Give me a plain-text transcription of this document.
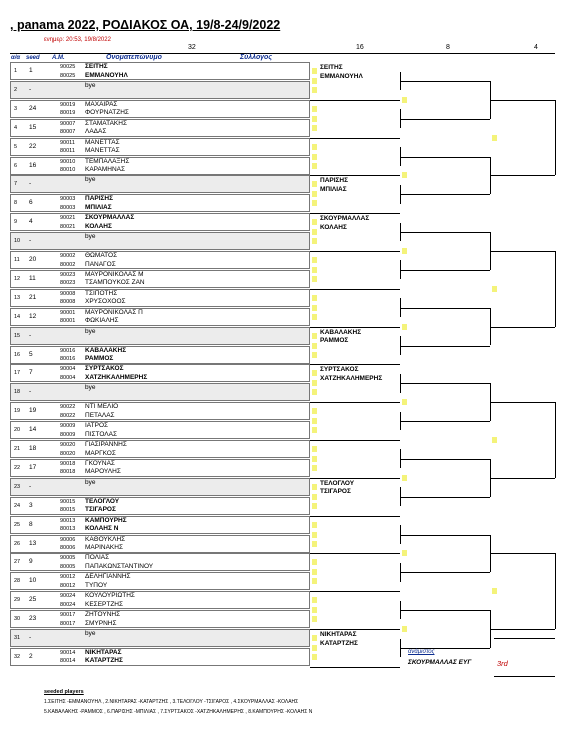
, panama 2022, ΡΟΔΙΑΚΟΣ ΟΑ, 19/8-24/9/2022
ενημερ: 20:53, 19/8/2022
32	16	8	4
α/α seed Α.Μ.	Ονοματεπώνυμο	Σύλλογος
1 1	90025
80025
ΣΕΙΤΗΣ
ΕΜΜΑΝΟΥΗΛ
2 -
bye
3 24	90019
80019
ΜΑΧΑΙΡΑΣ
ΦΟΥΡΝΑΤΖΗΣ
4 15	90007
80007
ΣΤΑΜΑΤΑΚΗΣ
ΛΑΔΑΣ
5 22	90011
80011
ΜΑΝΕΤΤΑΣ
ΜΑΝΕΤΤΑΣ
6 16	90010
80010
ΤΕΜΠΑΛΑΞΗΣ
ΚΑΡΑΜΗΝΑΣ
7 -
bye
8 6	90003
80003
ΠΑΡΙΣΗΣ
ΜΠΙΛΙΑΣ
9 4	90021
80021
ΣΚΟΥΡΜΑΛΛΑΣ
ΚΟΛΑΗΣ
10 -
bye
11 20	90002
80002
ΘΩΜΑΤΟΣ
ΠΑΝΑΓΟΣ
12 11	90023
80023
ΜΑΥΡΟΝΙΚΟΛΑΣ Μ
ΤΣΑΜΠΟΥΚΟΣ ΖΑΝ
13 21	90008
80008
ΤΣΙΠΟΤΗΣ
ΧΡΥΣΟΧΟΟΣ
14 12	90001
80001
ΜΑΥΡΟΝΙΚΟΛΑΣ Π
ΦΩΚΙΑΛΗΣ
15 -
bye
16 5	90016
80016
ΚΑΒΑΛΑΚΗΣ
ΡΑΜΜΟΣ
17 7	90004
80004
ΣΥΡΤΣΑΚΟΣ
ΧΑΤΖΗΚΑΛΗΜΕΡΗΣ
18 -
bye
19 19	90022
80022
ΝΤΙ ΜΕΛΙΟ
ΠΕΤΑΛΑΣ
20 14	90009
80009
ΙΑΤΡΟΣ
ΠΙΣΤΟΛΑΣ
21 18	90020
80020
ΓΙΑΣΙΡΑΝΝΗΣ
ΜΑΡΓΚΟΣ
22 17	90018
80018
ΓΚΟΥΝΑΣ
ΜΑΡΟΥΛΗΣ
23 -
bye
24 3	90015
80015
ΤΕΛΟΓΛΟΥ
ΤΣΙΓΑΡΟΣ
25 8	90013
80013
ΚΑΜΠΟΥΡΗΣ
ΚΟΛΑΗΣ Ν
26 13	90006
80006
ΚΑΘΟΥΚΛΗΣ
ΜΑΡΙΝΑΚΗΣ
27 9	90005
80005
ΠΟΛΙΑΣ
ΠΑΠΑΚΩΝΣΤΑΝΤΙΝΟΥ
28 10	90012
80012
ΔΕΛΗΓΙΑΝΝΗΣ
ΤΥΠΟΥ
29 25	90024
80024
ΚΟΥΛΟΥΡΙΩΤΗΣ
ΚΕΣΕΡΤΖΗΣ
30 23	90017
80017
ΖΗΤΟΥΝΗΣ
ΣΜΥΡΝΗΣ
31 -
bye
32 2	90014
80014
ΝΙΚΗΤΑΡΑΣ
ΚΑΤΑΡΤΖΗΣ
ΣΕΙΤΗΣ
ΕΜΜΑΝΟΥΗΛ
ΠΑΡΙΣΗΣ
ΜΠΙΛΙΑΣ
ΣΚΟΥΡΜΑΛΛΑΣ
ΚΟΛΑΗΣ
ΚΑΒΑΛΑΚΗΣ
ΡΑΜΜΟΣ
ΣΥΡΤΣΑΚΟΣ
ΧΑΤΖΗΚΑΛΗΜΕΡΗΣ
ΤΕΛΟΓΛΟΥ
ΤΣΙΓΑΡΟΣ
ΝΙΚΗΤΑΡΑΣ
ΚΑΤΑΡΤΖΗΣ
ανάμιστος
ΣΚΟΥΡΜΑΛΛΑΣ ΕΥΓ	3rd
seeded players
1.ΣΕΙΤΗΣ -ΕΜΜΑΝΟΥΗΛ , 2.ΝΙΚΗΤΑΡΑΣ -ΚΑΤΑΡΤΖΗΣ , 3.ΤΕΛΟΓΛΟΥ -ΤΣΙΓΑΡΟΣ , 4.ΣΚΟΥΡΜΑΛΛΑΣ -ΚΟΛΑΗΣ
5.ΚΑΒΑΛΑΚΗΣ -ΡΑΜΜΟΣ , 6.ΠΑΡΙΣΗΣ -ΜΠΙΛΙΑΣ , 7.ΣΥΡΤΣΑΚΟΣ -ΧΑΤΖΗΚΑΛΗΜΕΡΗΣ , 8.ΚΑΜΠΟΥΡΗΣ -ΚΟΛΑΗΣ Ν
